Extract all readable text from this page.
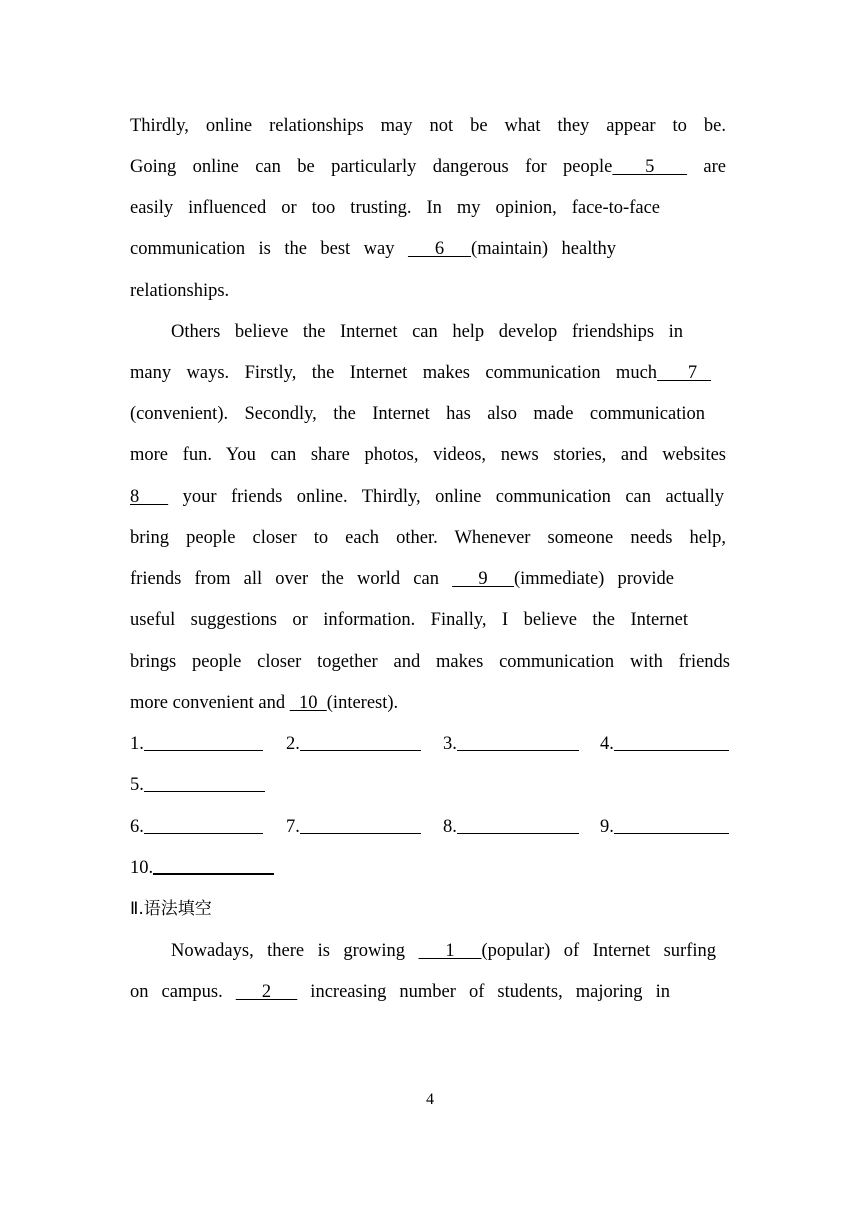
Thirdly, online relationships may not be what they appear to be.
Going online can be particularly dangerous for people  5   are
easily influenced or too trusting. In my opinion, face-to-face
communication is the best way   6  (maintain) healthy
relationships.
Others believe the Internet can help develop friendships in
many ways. Firstly, the Internet makes communication much  7
(convenient). Secondly, the Internet has also made communication
more fun. You can share photos, videos, news stories, and websites
8   your friends online. Thirdly, online communication can actually
bring people closer to each other. Whenever someone needs help,
friends from all over the world can   9  (immediate) provide
useful suggestions or information. Finally, I believe the Internet
brings people closer together and makes communication with friends
more convenient and   10  (interest).
1.	2.	3.	4.
5.
6.	7.	8.	9.
10.
Ⅱ.语法填空
Nowadays, there is growing   1  (popular) of Internet surfing
on campus.   2   increasing number of students, majoring in
4
